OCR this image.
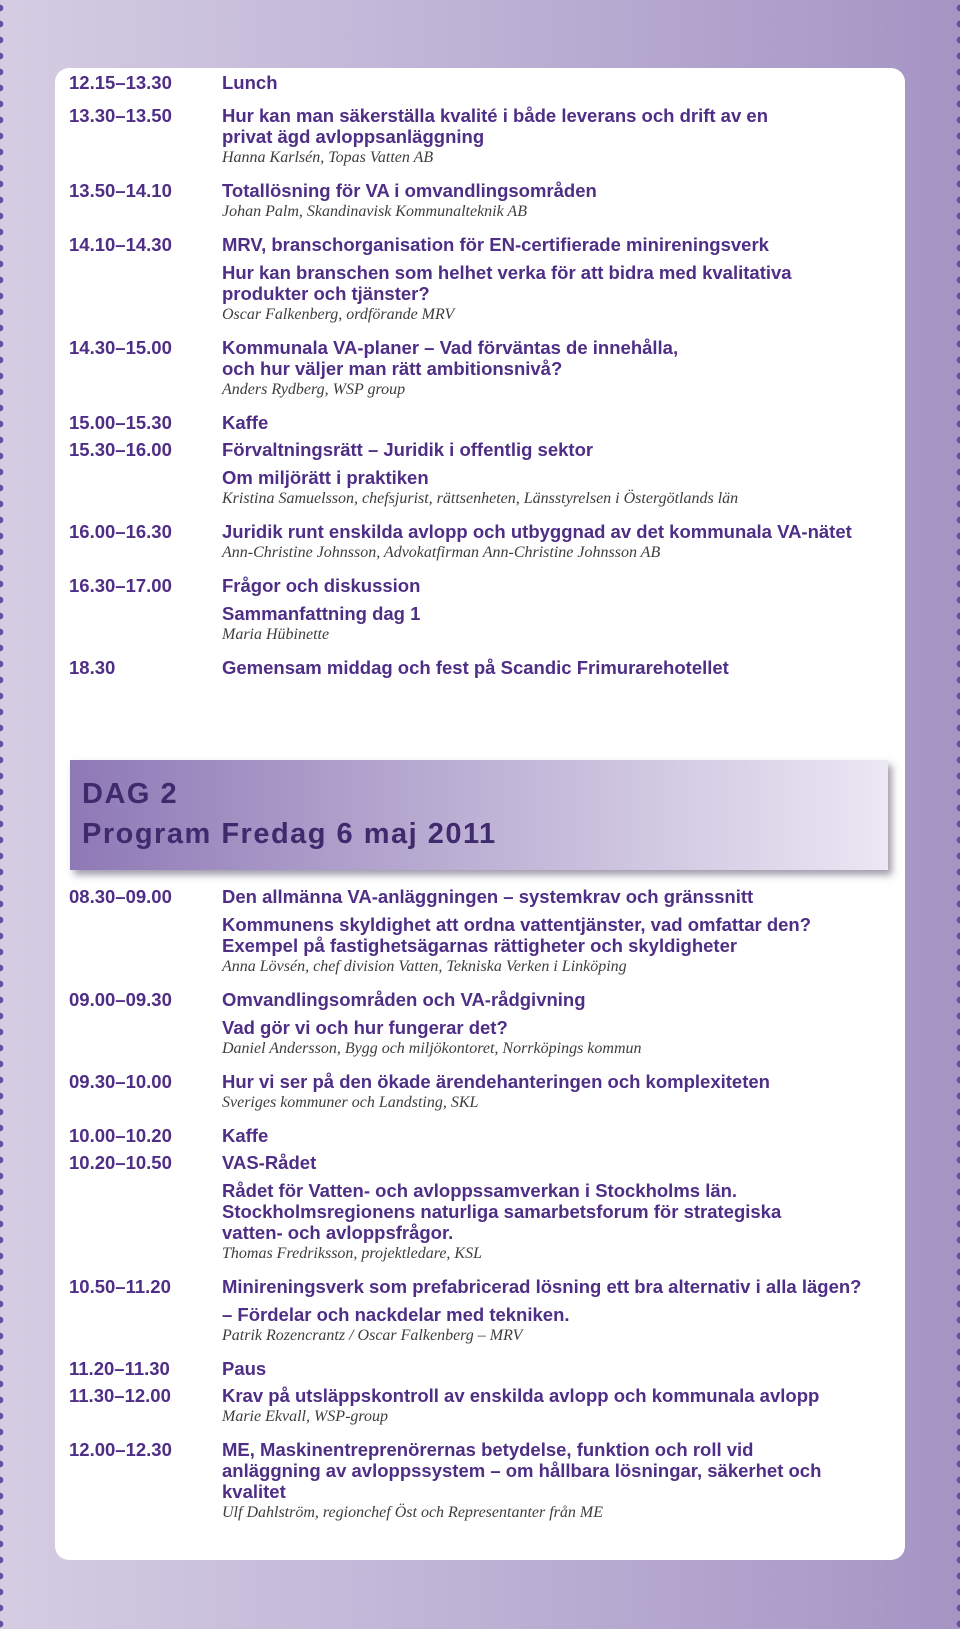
12.15–13.30	Lunch
13.30–13.50	Hur kan man säkerställa kvalité i både leverans och drift av en
privat ägd avloppsanläggning
Hanna Karlsén, Topas Vatten AB
13.50–14.10	Totallösning för VA i omvandlingsområden
Johan Palm, Skandinavisk Kommunalteknik AB
14.10–14.30	MRV, branschorganisation för EN-certifierade minireningsverk
Hur kan branschen som helhet verka för att bidra med kvalitativa
produkter och tjänster?
Oscar Falkenberg, ordförande MRV
14.30–15.00	Kommunala VA-planer – Vad förväntas de innehålla,
och hur väljer man rätt ambitionsnivå?
Anders Rydberg, WSP group
15.00–15.30	Kaffe
15.30–16.00	Förvaltningsrätt – Juridik i offentlig sektor
Om miljörätt i praktiken
Kristina Samuelsson, chefsjurist, rättsenheten, Länsstyrelsen i Östergötlands län
16.00–16.30	Juridik runt enskilda avlopp och utbyggnad av det kommunala VA-nätet
Ann-Christine Johnsson, Advokatfirman Ann-Christine Johnsson AB
16.30–17.00	Frågor och diskussion
Sammanfattning dag 1
Maria Hübinette
18.30	Gemensam middag och fest på Scandic Frimurarehotellet
DAG 2
Program Fredag 6 maj 2011
08.30–09.00	Den allmänna VA-anläggningen – systemkrav och gränssnitt
Kommunens skyldighet att ordna vattentjänster, vad omfattar den?
Exempel på fastighetsägarnas rättigheter och skyldigheter
Anna Lövsén, chef division Vatten, Tekniska Verken i Linköping
09.00–09.30	Omvandlingsområden och VA-rådgivning
Vad gör vi och hur fungerar det?
Daniel Andersson, Bygg och miljökontoret, Norrköpings kommun
09.30–10.00	Hur vi ser på den ökade ärendehanteringen och komplexiteten
Sveriges kommuner och Landsting, SKL
10.00–10.20	Kaffe
10.20–10.50	VAS-Rådet
Rådet för Vatten- och avloppssamverkan i Stockholms län.
Stockholmsregionens naturliga samarbetsforum för strategiska
vatten- och avloppsfrågor.
Thomas Fredriksson, projektledare, KSL
10.50–11.20	Minireningsverk som prefabricerad lösning ett bra alternativ i alla lägen?
– Fördelar och nackdelar med tekniken.
Patrik Rozencrantz / Oscar Falkenberg – MRV
11.20–11.30	Paus
11.30–12.00	Krav på utsläppskontroll av enskilda avlopp och kommunala avlopp
Marie Ekvall, WSP-group
12.00–12.30	ME, Maskinentreprenörernas betydelse, funktion och roll vid
anläggning av avloppssystem – om hållbara lösningar, säkerhet och
kvalitet
Ulf Dahlström, regionchef Öst och Representanter från ME
